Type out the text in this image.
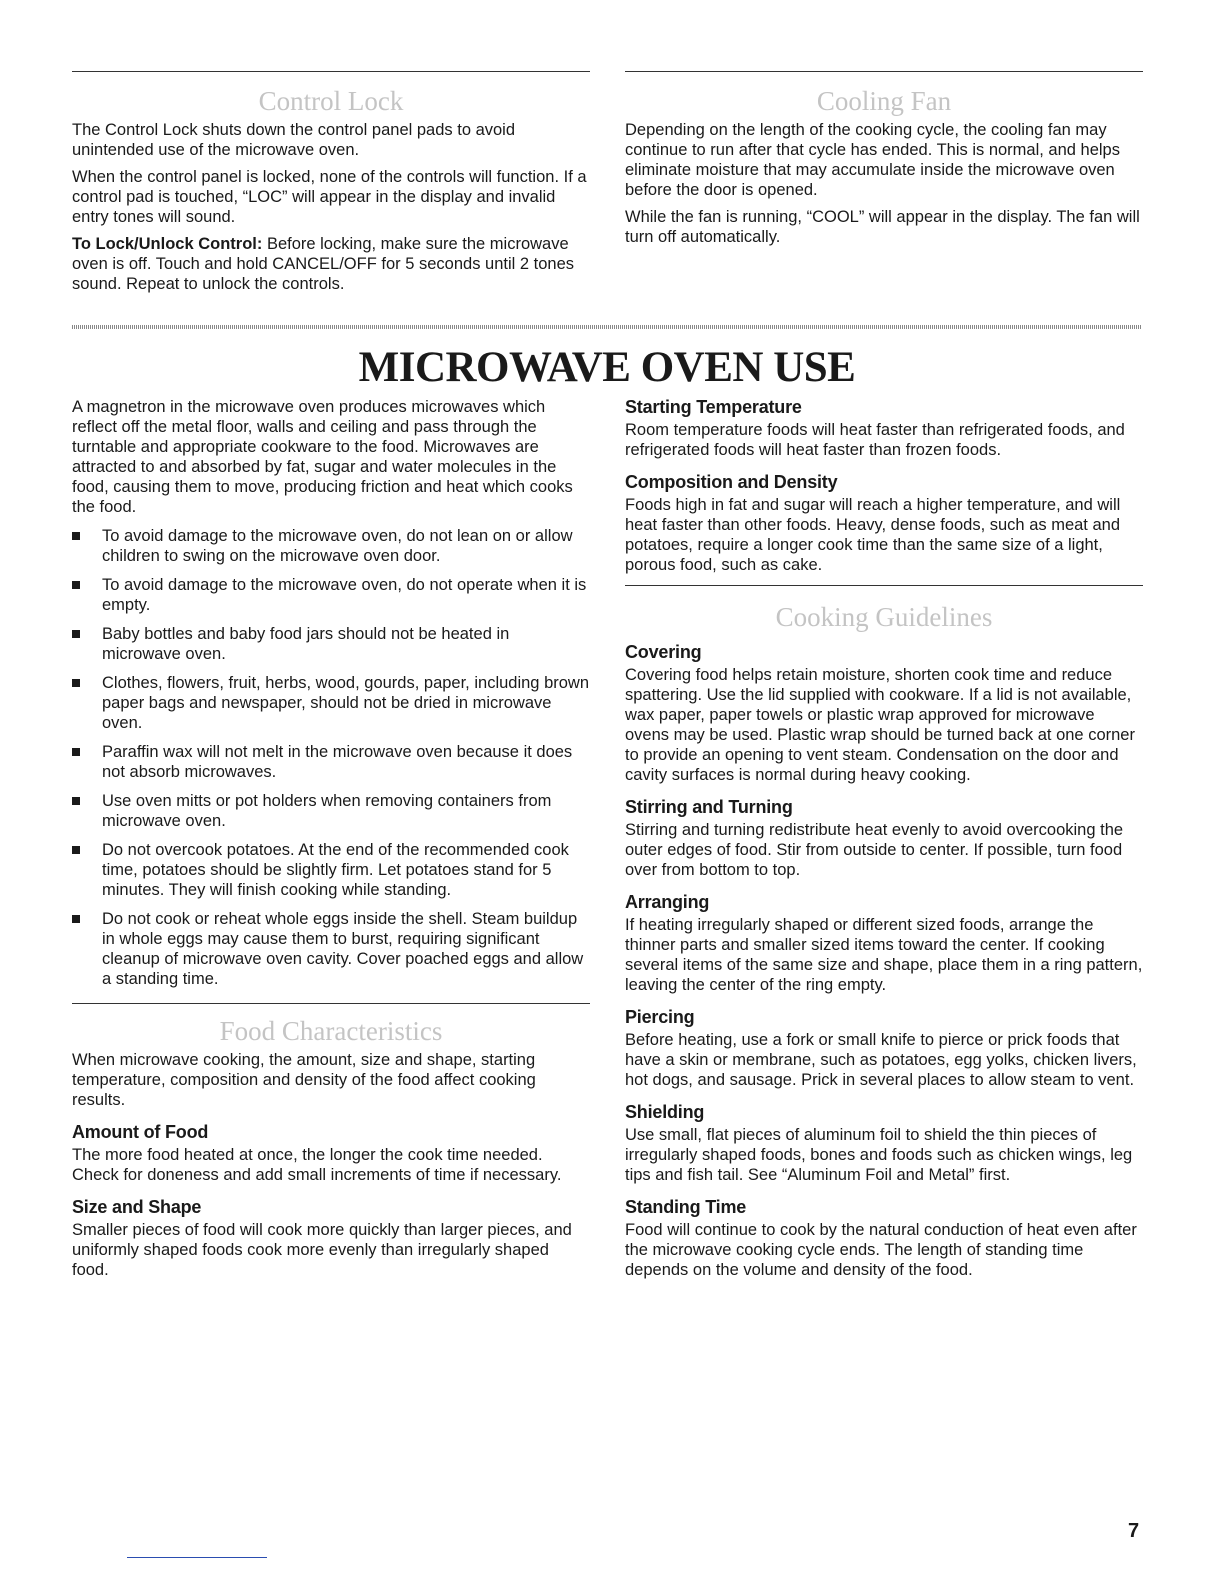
Control Lock

The Control Lock shuts down the control panel pads to avoid unintended use of the microwave oven.

When the control panel is locked, none of the controls will function. If a control pad is touched, “LOC” will appear in the display and invalid entry tones will sound.

To Lock/Unlock Control: Before locking, make sure the microwave oven is off. Touch and hold CANCEL/OFF for 5 seconds until 2 tones sound. Repeat to unlock the controls.

Cooling Fan

Depending on the length of the cooking cycle, the cooling fan may continue to run after that cycle has ended. This is normal, and helps eliminate moisture that may accumulate inside the microwave oven before the door is opened.

While the fan is running, “COOL” will appear in the display. The fan will turn off automatically.

MICROWAVE OVEN USE

A magnetron in the microwave oven produces microwaves which reflect off the metal floor, walls and ceiling and pass through the turntable and appropriate cookware to the food. Microwaves are attracted to and absorbed by fat, sugar and water molecules in the food, causing them to move, producing friction and heat which cooks the food.

To avoid damage to the microwave oven, do not lean on or allow children to swing on the microwave oven door.
To avoid damage to the microwave oven, do not operate when it is empty.
Baby bottles and baby food jars should not be heated in microwave oven.
Clothes, flowers, fruit, herbs, wood, gourds, paper, including brown paper bags and newspaper, should not be dried in microwave oven.
Paraffin wax will not melt in the microwave oven because it does not absorb microwaves.
Use oven mitts or pot holders when removing containers from microwave oven.
Do not overcook potatoes. At the end of the recommended cook time, potatoes should be slightly firm. Let potatoes stand for 5 minutes. They will finish cooking while standing.
Do not cook or reheat whole eggs inside the shell. Steam buildup in whole eggs may cause them to burst, requiring significant cleanup of microwave oven cavity. Cover poached eggs and allow a standing time.
Food Characteristics

When microwave cooking, the amount, size and shape, starting temperature, composition and density of the food affect cooking results.

Amount of Food

The more food heated at once, the longer the cook time needed. Check for doneness and add small increments of time if necessary.

Size and Shape

Smaller pieces of food will cook more quickly than larger pieces, and uniformly shaped foods cook more evenly than irregularly shaped food.

Starting Temperature

Room temperature foods will heat faster than refrigerated foods, and refrigerated foods will heat faster than frozen foods.

Composition and Density

Foods high in fat and sugar will reach a higher temperature, and will heat faster than other foods. Heavy, dense foods, such as meat and potatoes, require a longer cook time than the same size of a light, porous food, such as cake.

Cooking Guidelines
Covering

Covering food helps retain moisture, shorten cook time and reduce spattering. Use the lid supplied with cookware. If a lid is not available, wax paper, paper towels or plastic wrap approved for microwave ovens may be used. Plastic wrap should be turned back at one corner to provide an opening to vent steam. Condensation on the door and cavity surfaces is normal during heavy cooking.

Stirring and Turning

Stirring and turning redistribute heat evenly to avoid overcooking the outer edges of food. Stir from outside to center. If possible, turn food over from bottom to top.

Arranging

If heating irregularly shaped or different sized foods, arrange the thinner parts and smaller sized items toward the center. If cooking several items of the same size and shape, place them in a ring pattern, leaving the center of the ring empty.

Piercing

Before heating, use a fork or small knife to pierce or prick foods that have a skin or membrane, such as potatoes, egg yolks, chicken livers, hot dogs, and sausage. Prick in several places to allow steam to vent.

Shielding

Use small, flat pieces of aluminum foil to shield the thin pieces of irregularly shaped foods, bones and foods such as chicken wings, leg tips and fish tail. See “Aluminum Foil and Metal” first.

Standing Time

Food will continue to cook by the natural conduction of heat even after the microwave cooking cycle ends. The length of standing time depends on the volume and density of the food.

7
